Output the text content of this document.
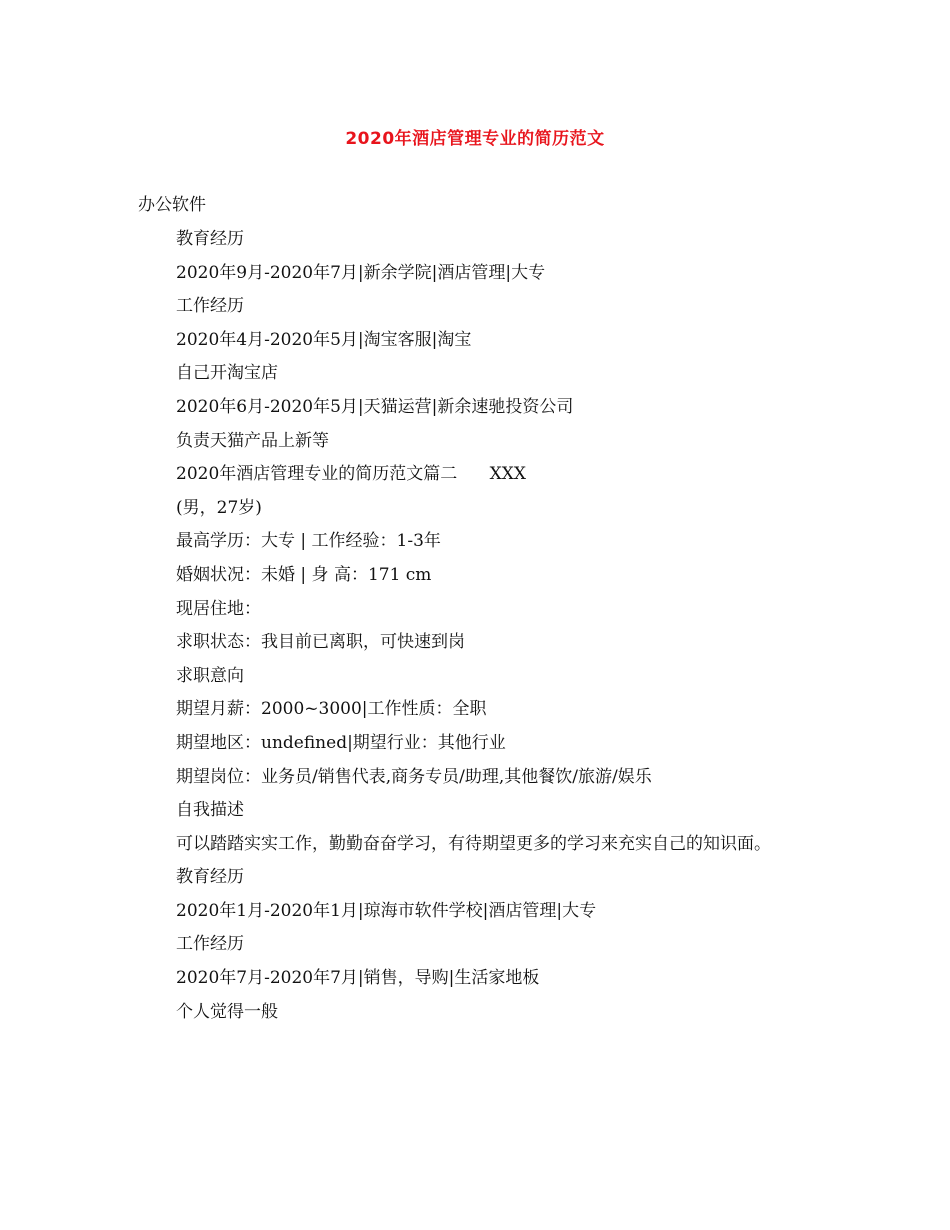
2020年酒店管理专业的简历范文
办公软件
教育经历
2020年9月-2020年7月|新余学院|酒店管理|大专
工作经历
2020年4月-2020年5月|淘宝客服|淘宝
自己开淘宝店
2020年6月-2020年5月|天猫运营|新余速驰投资公司
负责天猫产品上新等
2020年酒店管理专业的简历范文篇二      XXX
(男，27岁)
最高学历：大专 | 工作经验：1-3年
婚姻状况：未婚 | 身 高：171 cm
现居住地：
求职状态：我目前已离职，可快速到岗
求职意向
期望月薪：2000~3000|工作性质：全职
期望地区：undefined|期望行业：其他行业
期望岗位：业务员/销售代表,商务专员/助理,其他餐饮/旅游/娱乐
自我描述
可以踏踏实实工作，勤勤奋奋学习，有待期望更多的学习来充实自己的知识面。
教育经历
2020年1月-2020年1月|琼海市软件学校|酒店管理|大专
工作经历
2020年7月-2020年7月|销售，导购|生活家地板
个人觉得一般
